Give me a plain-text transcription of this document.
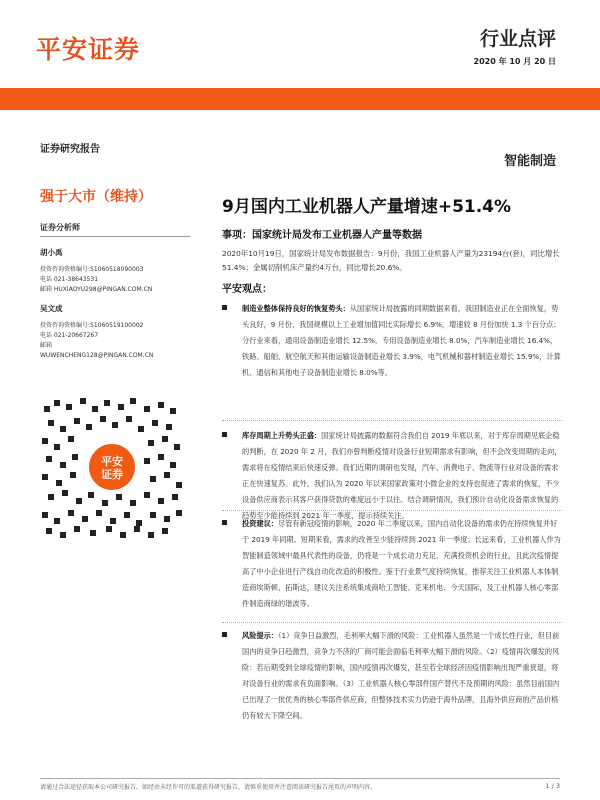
平安证券	行业点评
2020 年 10 月 20 日
证券研究报告
智能制造
强于大市（维持）	9月国内工业机器人产量增速+51.4%
证券分析师
胡小禹
投资咨询资格编号:S1060518090003
电话 021-38643531
邮箱 HUXIAOYU298@PINGAN.COM.CN
吴文成
投资咨询资格编号:S1060519100002
电话 021-20667267
邮箱
WUWENCHENG128@PINGAN.COM.CN
平安
证券
事项：国家统计局发布工业机器人产量等数据
2020年10月19日，国家统计局发布数据报告：9月份，我国工业机器人产量为23194台(套)，同比增长51.4%；金属切削机床产量约4万台，同比增长20.6%。
平安观点：
制造业整体保持良好的恢复势头：从国家统计局披露的同期数据来看，我国制造业正在全面恢复，势头良好，9 月份，我国规模以上工业增加值同比实际增长 6.9%，增速较 8 月份加快 1.3 个百分点；分行业来看，通用设备制造业增长 12.5%，专用设备制造业增长 8.0%，汽车制造业增长 16.4%，铁路、船舶、航空航天和其他运输设备制造业增长 3.9%，电气机械和器材制造业增长 15.9%，计算机、通信和其他电子设备制造业增长 8.0%等。
库存周期上升势头正盛：国家统计局披露的数据符合我们自 2019 年底以来，对于库存周期见底企稳的判断，在 2020 年 2 月，我们亦曾判断疫情对设备行业短期需求有影响，但不会改变周期的走向，需求将在疫情结束后快速反弹。我们近期的调研也发现，汽车、消费电子、物流等行业对设备的需求正在快速复苏。此外，我们认为 2020 年以来国家政策对小微企业的支持也促进了需求的恢复，不少设备供应商表示其客户获得贷款的难度远小于以往。结合调研情况，我们预计自动化设备需求恢复的趋势至少能持续到 2021 年一季度，提示持续关注。
投资建议：尽管有新冠疫情的影响，2020 年二季度以来，国内自动化设备的需求仍在持续恢复并好于 2019 年同期。短期来看，需求的改善至少能持续到 2021 年一季度；长远来看，工业机器人作为智能制造领域中最具代表性的设备，仍将是一个成长动力充足、充满投资机会的行业，且此次疫情提高了中小企业进行产线自动化改造的积极性。鉴于行业景气度持续恢复，推荐关注工业机器人本体制造商埃斯顿、拓斯达，建议关注系统集成商哈工智能、克来机电、今天国际，及工业机器人核心零部件制造商绿的谐波等。
风险提示：（1）竞争日益激烈，毛利率大幅下滑的风险：工业机器人虽然是一个成长性行业，但目前国内的竞争日趋激烈，竞争力不济的厂商可能会面临毛利率大幅下滑的风险。（2）疫情再次爆发的风险：若后期受到全球疫情的影响，国内疫情再次爆发，甚至若全球经济因疫情影响出现严重衰退，将对设备行业的需求有负面影响。（3）工业机器人核心零部件国产替代不及预期的风险：虽然目前国内已出现了一批优秀的核心零部件供应商，但整体技术实力仍逊于海外品牌，且海外供应商的产品价格仍有较大下降空间。
请通过合法途径获取本公司研究报告，如经由未经许可的渠道获得研究报告，请慎重使用并注意阅读研究报告尾页的声明内容。	1 / 3
